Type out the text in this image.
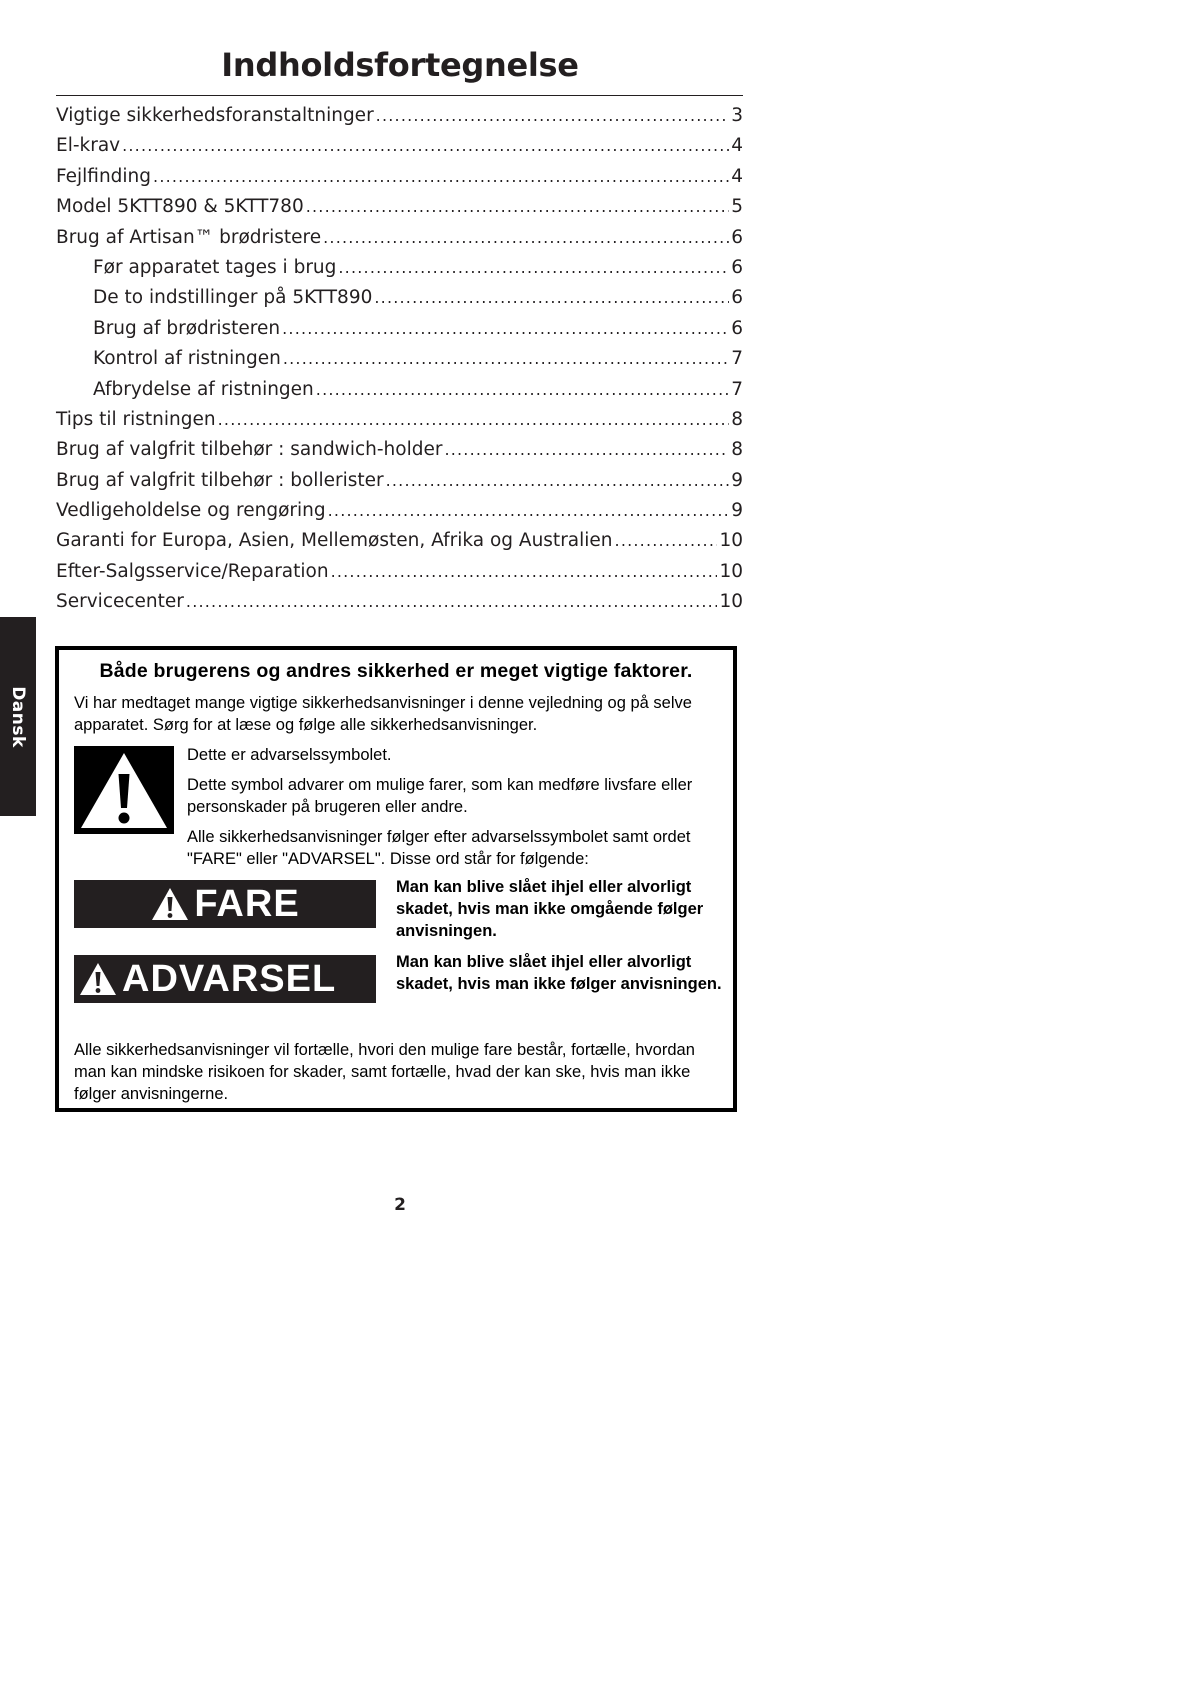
Indholdsfortegnelse
Vigtige sikkerhedsforanstaltninger .....	3
El-krav .....	4
Fejlfinding .....	4
Model 5KTT890 & 5KTT780 .....	5
Brug af Artisan™ brødristere .....	6
Før apparatet tages i brug .....	6
De to indstillinger på 5KTT890 .....	6
Brug af brødristeren .....	6
Kontrol af ristningen .....	7
Afbrydelse af ristningen .....	7
Tips til ristningen .....	8
Brug af valgfrit tilbehør : sandwich-holder .....	8
Brug af valgfrit tilbehør : bollerister .....	9
Vedligeholdelse og rengøring .....	9
Garanti for Europa, Asien, Mellemøsten, Afrika og Australien .....	10
Efter-Salgsservice/Reparation .....	10
Servicecenter .....	10
Dansk
Både brugerens og andres sikkerhed er meget vigtige faktorer.
Vi har medtaget mange vigtige sikkerhedsanvisninger i denne vejledning og på selve apparatet. Sørg for at læse og følge alle sikkerhedsanvisninger.
Dette er advarselssymbolet.
Dette symbol advarer om mulige farer, som kan medføre livsfare eller personskader på brugeren eller andre.
Alle sikkerhedsanvisninger følger efter advarselssymbolet samt ordet "FARE" eller "ADVARSEL". Disse ord står for følgende:
FARE	Man kan blive slået ihjel eller alvorligt skadet, hvis man ikke omgående følger anvisningen.
ADVARSEL	Man kan blive slået ihjel eller alvorligt skadet, hvis man ikke følger anvisningen.
Alle sikkerhedsanvisninger vil fortælle, hvori den mulige fare består, fortælle, hvordan man kan mindske risikoen for skader, samt fortælle, hvad der kan ske, hvis man ikke følger anvisningerne.
2
